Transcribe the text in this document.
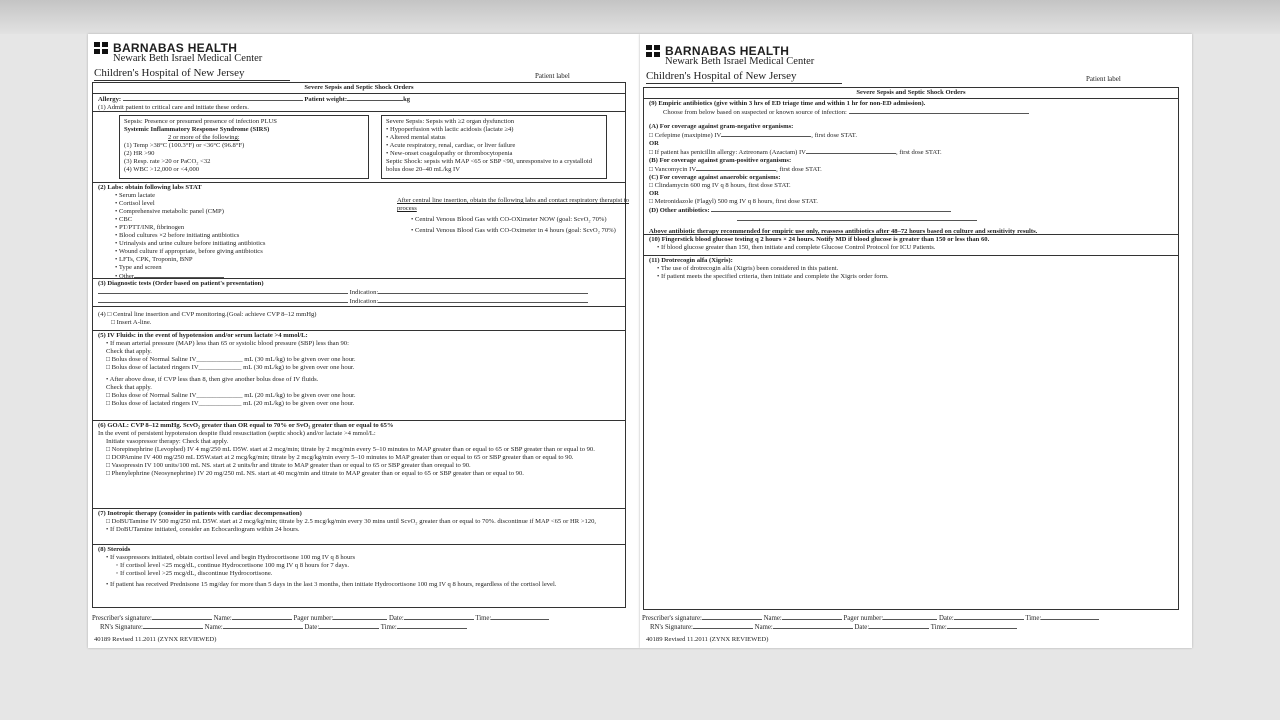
BARNABAS HEALTH
Newark Beth Israel Medical Center
Children's Hospital of New Jersey	Patient label
Severe Sepsis and Septic Shock Orders

Allergy:	Patient weight:	kg

(1) Admit patient to critical care and initiate these orders.

Sepsis: Presence or presumed presence of infection PLUS

Systemic Inflammatory Response Syndrome (SIRS)

2 or more of the following:

(1) Temp >38°C (100.3°F) or <36°C (96.8°F)

(2) HR >90

(3) Resp. rate >20 or PaCO₂ <32

(4) WBC >12,000 or <4,000

Severe Sepsis: Sepsis with ≥2 organ dysfunction

• Hypoperfusion with lactic acidosis (lactate ≥4)

• Altered mental status

• Acute respiratory, renal, cardiac, or liver failure

• New-onset coagulopathy or thrombocytopenia

Septic Shock: sepsis with MAP <65 or SBP <90, unresponsive to a crystalloid bolus dose 20–40 mL/kg IV

(2) Labs: obtain following labs STAT

• Serum lactate

• Cortisol level

• Comprehensive metabolic panel (CMP)

• CBC

• PT/PTT/INR, fibrinogen

• Blood cultures ×2 before initiating antibiotics

• Urinalysis and urine culture before initiating antibiotics

• Wound culture if appropriate, before giving antibiotics

• LFTs, CPK, Troponin, BNP

• Type and screen

• Other

After central line insertion, obtain the following labs and contact respiratory therapist to process

• Central Venous Blood Gas with CO-OXimeter NOW (goal: ScvO₂ 70%)

• Central Venous Blood Gas with CO-Oximeter in 4 hours (goal: ScvO₂ 70%)

(3) Diagnostic tests (Order based on patient's presentation)

Indication:

Indication:

(4) □ Central line insertion and CVP monitoring.(Goal: achieve CVP 8–12 mmHg)

□ Insert A-line.

(5) IV Fluids: in the event of hypotension and/or serum lactate >4 mmol/L:

• If mean arterial pressure (MAP) less than 65 or systolic blood pressure (SBP) less than 90:

Check that apply.

□ Bolus dose of Normal Saline IV______________ mL (30 mL/kg) to be given over one hour.

□ Bolus dose of lactated ringers IV_____________ mL (30 mL/kg) to be given over one hour.

• After above dose, if CVP less than 8, then give another bolus dose of IV fluids.

Check that apply.

□ Bolus dose of Normal Saline IV______________ mL (20 mL/kg) to be given over one hour.

□ Bolus dose of lactated ringers IV_____________ mL (20 mL/kg) to be given over one hour.

(6) GOAL: CVP 8–12 mmHg. ScvO₂ greater than OR equal to 70% or SvO₂ greater than or equal to 65%

In the event of persistent hypotension despite fluid resuscitation (septic shock) and/or lactate >4 mmol/L:

Initiate vasopressor therapy: Check that apply.

□ Norepinephrine (Levophed) IV 4 mg/250 mL D5W. start at 2 mcg/min; titrate by 2 mcg/min every 5–10 minutes to MAP greater than or equal to 65 or SBP greater than or equal to 90.

□ DOPAmine IV 400 mg/250 mL D5W.start at 2 mcg/kg/min; titrate by 2 mcg/kg/min every 5–10 minutes to MAP greater than or equal to 65 or SBP greater than or equal to 90.

□ Vasopressin IV 100 units/100 mL NS. start at 2 units/hr and titrate to MAP greater than or equal to 65 or SBP greater than orequal to 90.

□ Phenylephrine (Neosynephrine) IV 20 mg/250 mL NS. start at 40 mcg/min and titrate to MAP greater than or equal to 65 or SBP greater than or equal to 90.

(7) Inotropic therapy (consider in patients with cardiac decompensation)

□ DoBUTamine IV 500 mg/250 mL D5W. start at 2 mcg/kg/min; titrate by 2.5 mcg/kg/min every 30 mins until ScvO₂ greater than or equal to 70%. discontinue if MAP <65 or HR >120,

• If DoBUTamine initiated, consider an Echocardiogram within 24 hours.

(8) Steroids

• If vasopressors initiated, obtain cortisol level and begin Hydrocortisone 100 mg IV q 8 hours

◦ If cortisol level <25 mcg/dL, continue Hydrocortisone 100 mg IV q 8 hours for 7 days.

◦ If cortisol level >25 mcg/dL, discontinue Hydrocortisone.

• If patient has received Prednisone 15 mg/day for more than 5 days in the last 3 months, then initiate Hydrocortisone 100 mg IV q 8 hours, regardless of the cortisol level.

Prescriber's signature:	Name:	Pager number:	Date:	Time:
RN's Signature:	Name:	Date:	Time:
40189 Revised 11.2011 (ZYNX REVIEWED)
BARNABAS HEALTH
Newark Beth Israel Medical Center
Children's Hospital of New Jersey	Patient label
Severe Sepsis and Septic Shock Orders

(9) Empiric antibiotics (give within 3 hrs of ED triage time and within 1 hr for non-ED admission).

Choose from below based on suspected or known source of infection:

(A) For coverage against gram-negative organisms:

□ Cefepime (maxipime) IV	, first dose STAT.

OR

□ If patient has penicillin allergy: Aztreonam (Azactam) IV	, first dose STAT.

(B) For coverage against gram-positive organisms:

□ Vancomycin IV	, first dose STAT.

(C) For coverage against anaerobic organisms:

□ Clindamycin 600 mg IV q 8 hours, first dose STAT.

OR

□ Metronidazole (Flagyl) 500 mg IV q 8 hours, first dose STAT.

(D) Other antibiotics:

Above antibiotic therapy recommended for empiric use only, reassess antibiotics after 48–72 hours based on culture and sensitivity results.

(10) Fingerstick blood glucose testing q 2 hours × 24 hours. Notify MD if blood glucose is greater than 150 or less than 60.

• If blood glucose greater than 150, then initiate and complete Glucose Control Protocol for ICU Patients.

(11) Drotrecogin alfa (Xigris):

• The use of drotrecogin alfa (Xigris) been considered in this patient.

• If patient meets the specified criteria, then initiate and complete the Xigris order form.

Prescriber's signature:	Name:	Pager number:	Date:	Time:
RN's Signature:	Name:	Date:	Time:
40189 Revised 11.2011 (ZYNX REVIEWED)
